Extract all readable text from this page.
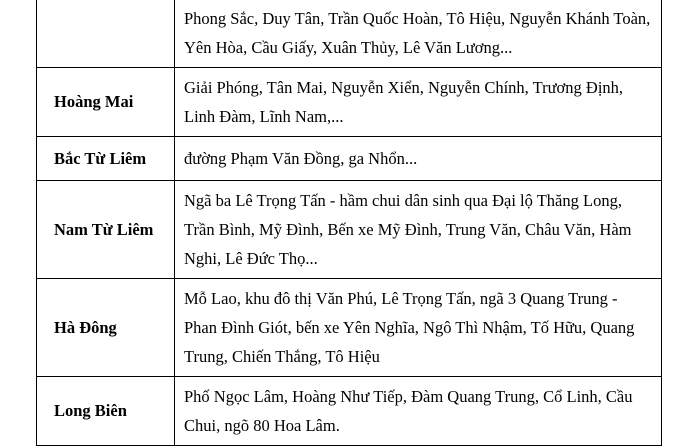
	Phong Sắc, Duy Tân, Trần Quốc Hoàn, Tô Hiệu, Nguyễn Khánh Toàn, Yên Hòa, Cầu Giấy, Xuân Thủy, Lê Văn Lương...
Hoàng Mai	Giải Phóng, Tân Mai, Nguyễn Xiển, Nguyễn Chính, Trương Định, Linh Đàm, Lĩnh Nam,...
Bắc Từ Liêm	đường Phạm Văn Đồng, ga Nhổn...
Nam Từ Liêm	Ngã ba Lê Trọng Tấn - hầm chui dân sinh qua Đại lộ Thăng Long, Trần Bình, Mỹ Đình, Bến xe Mỹ Đình, Trung Văn, Châu Văn, Hàm Nghi, Lê Đức Thọ...
Hà Đông	Mỗ Lao, khu đô thị Văn Phú, Lê Trọng Tấn, ngã 3 Quang Trung - Phan Đình Giót, bến xe Yên Nghĩa, Ngô Thì Nhậm, Tố Hữu, Quang Trung, Chiến Thắng, Tô Hiệu
Long Biên	Phố Ngọc Lâm, Hoàng Như Tiếp, Đàm Quang Trung, Cổ Linh, Cầu Chui, ngõ 80 Hoa Lâm.
